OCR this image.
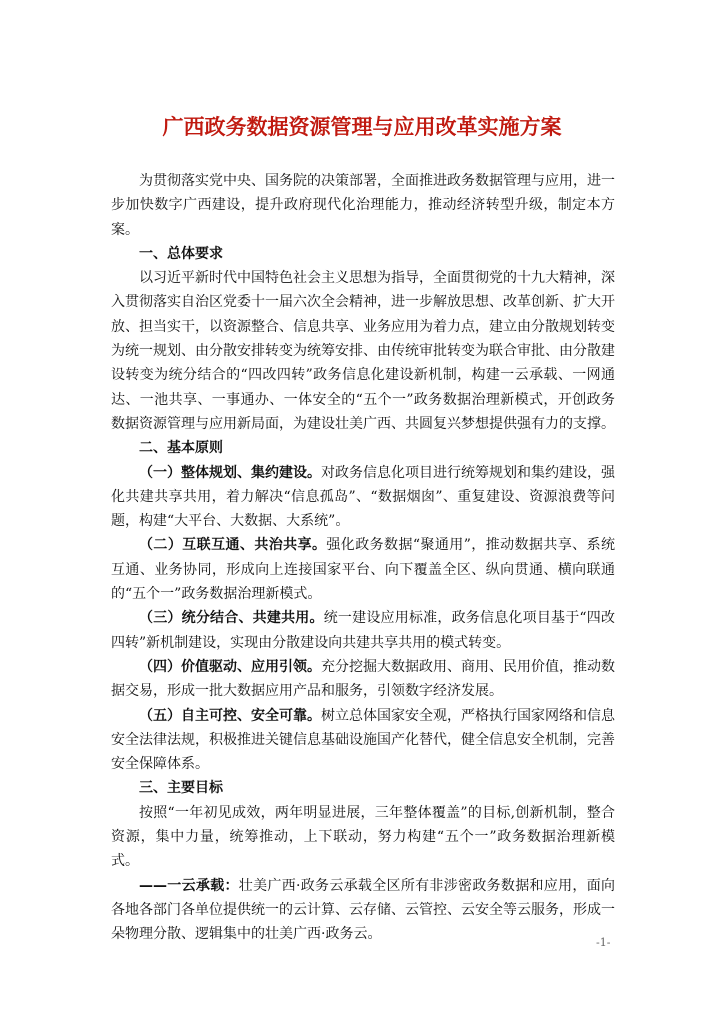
广西政务数据资源管理与应用改革实施方案

为贯彻落实党中央、国务院的决策部署，全面推进政务数据管理与应用，进一步加快数字广西建设，提升政府现代化治理能力，推动经济转型升级，制定本方案。

一、总体要求

以习近平新时代中国特色社会主义思想为指导，全面贯彻党的十九大精神，深入贯彻落实自治区党委十一届六次全会精神，进一步解放思想、改革创新、扩大开放、担当实干，以资源整合、信息共享、业务应用为着力点，建立由分散规划转变为统一规划、由分散安排转变为统筹安排、由传统审批转变为联合审批、由分散建设转变为统分结合的“四改四转”政务信息化建设新机制，构建一云承载、一网通达、一池共享、一事通办、一体安全的“五个一”政务数据治理新模式，开创政务数据资源管理与应用新局面，为建设壮美广西、共圆复兴梦想提供强有力的支撑。

二、基本原则

（一）整体规划、集约建设。对政务信息化项目进行统筹规划和集约建设，强化共建共享共用，着力解决“信息孤岛”、“数据烟囱”、重复建设、资源浪费等问题，构建“大平台、大数据、大系统”。

（二）互联互通、共治共享。强化政务数据“聚通用”，推动数据共享、系统互通、业务协同，形成向上连接国家平台、向下覆盖全区、纵向贯通、横向联通的“五个一”政务数据治理新模式。

（三）统分结合、共建共用。统一建设应用标准，政务信息化项目基于“四改四转”新机制建设，实现由分散建设向共建共享共用的模式转变。

（四）价值驱动、应用引领。充分挖掘大数据政用、商用、民用价值，推动数据交易，形成一批大数据应用产品和服务，引领数字经济发展。

（五）自主可控、安全可靠。树立总体国家安全观，严格执行国家网络和信息安全法律法规，积极推进关键信息基础设施国产化替代，健全信息安全机制，完善安全保障体系。

三、主要目标

按照“一年初见成效，两年明显进展，三年整体覆盖”的目标,创新机制，整合资源，集中力量，统筹推动，上下联动，努力构建“五个一”政务数据治理新模式。

——一云承载：壮美广西·政务云承载全区所有非涉密政务数据和应用，面向各地各部门各单位提供统一的云计算、云存储、云管控、云安全等云服务，形成一朵物理分散、逻辑集中的壮美广西·政务云。

-1-
